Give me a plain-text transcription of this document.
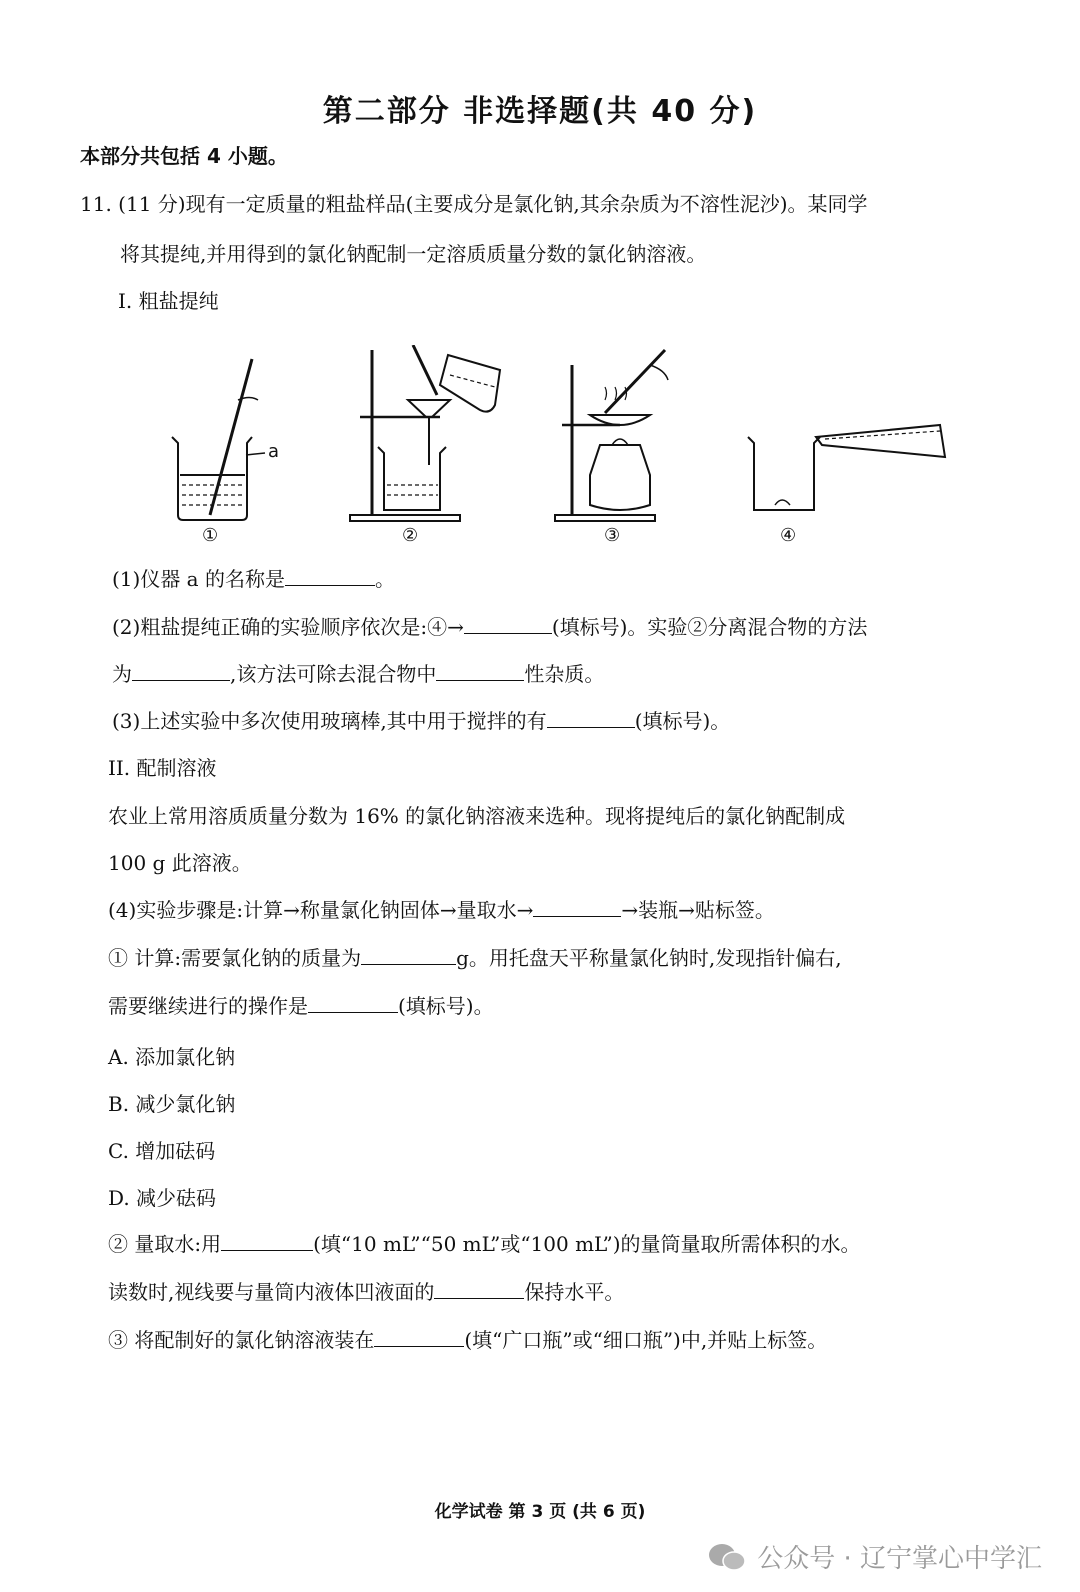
第二部分 非选择题(共 40 分)
本部分共包括 4 小题。
11. (11 分)现有一定质量的粗盐样品(主要成分是氯化钠,其余杂质为不溶性泥沙)。某同学
将其提纯,并用得到的氯化钠配制一定溶质质量分数的氯化钠溶液。
I. 粗盐提纯
①	②	③	④
a
(1)仪器 a 的名称是	。
(2)粗盐提纯正确的实验顺序依次是:④→	(填标号)。实验②分离混合物的方法
为	,该方法可除去混合物中	性杂质。
(3)上述实验中多次使用玻璃棒,其中用于搅拌的有	(填标号)。
II. 配制溶液
农业上常用溶质质量分数为 16% 的氯化钠溶液来选种。现将提纯后的氯化钠配制成
100 g 此溶液。
(4)实验步骤是:计算→称量氯化钠固体→量取水→	→装瓶→贴标签。
① 计算:需要氯化钠的质量为	g。用托盘天平称量氯化钠时,发现指针偏右,
需要继续进行的操作是	(填标号)。
A. 添加氯化钠
B. 减少氯化钠
C. 增加砝码
D. 减少砝码
② 量取水:用	(填“10 mL”“50 mL”或“100 mL”)的量筒量取所需体积的水。
读数时,视线要与量筒内液体凹液面的	保持水平。
③ 将配制好的氯化钠溶液装在	(填“广口瓶”或“细口瓶”)中,并贴上标签。
化学试卷 第 3 页 (共 6 页)
公众号 · 辽宁掌心中学汇
